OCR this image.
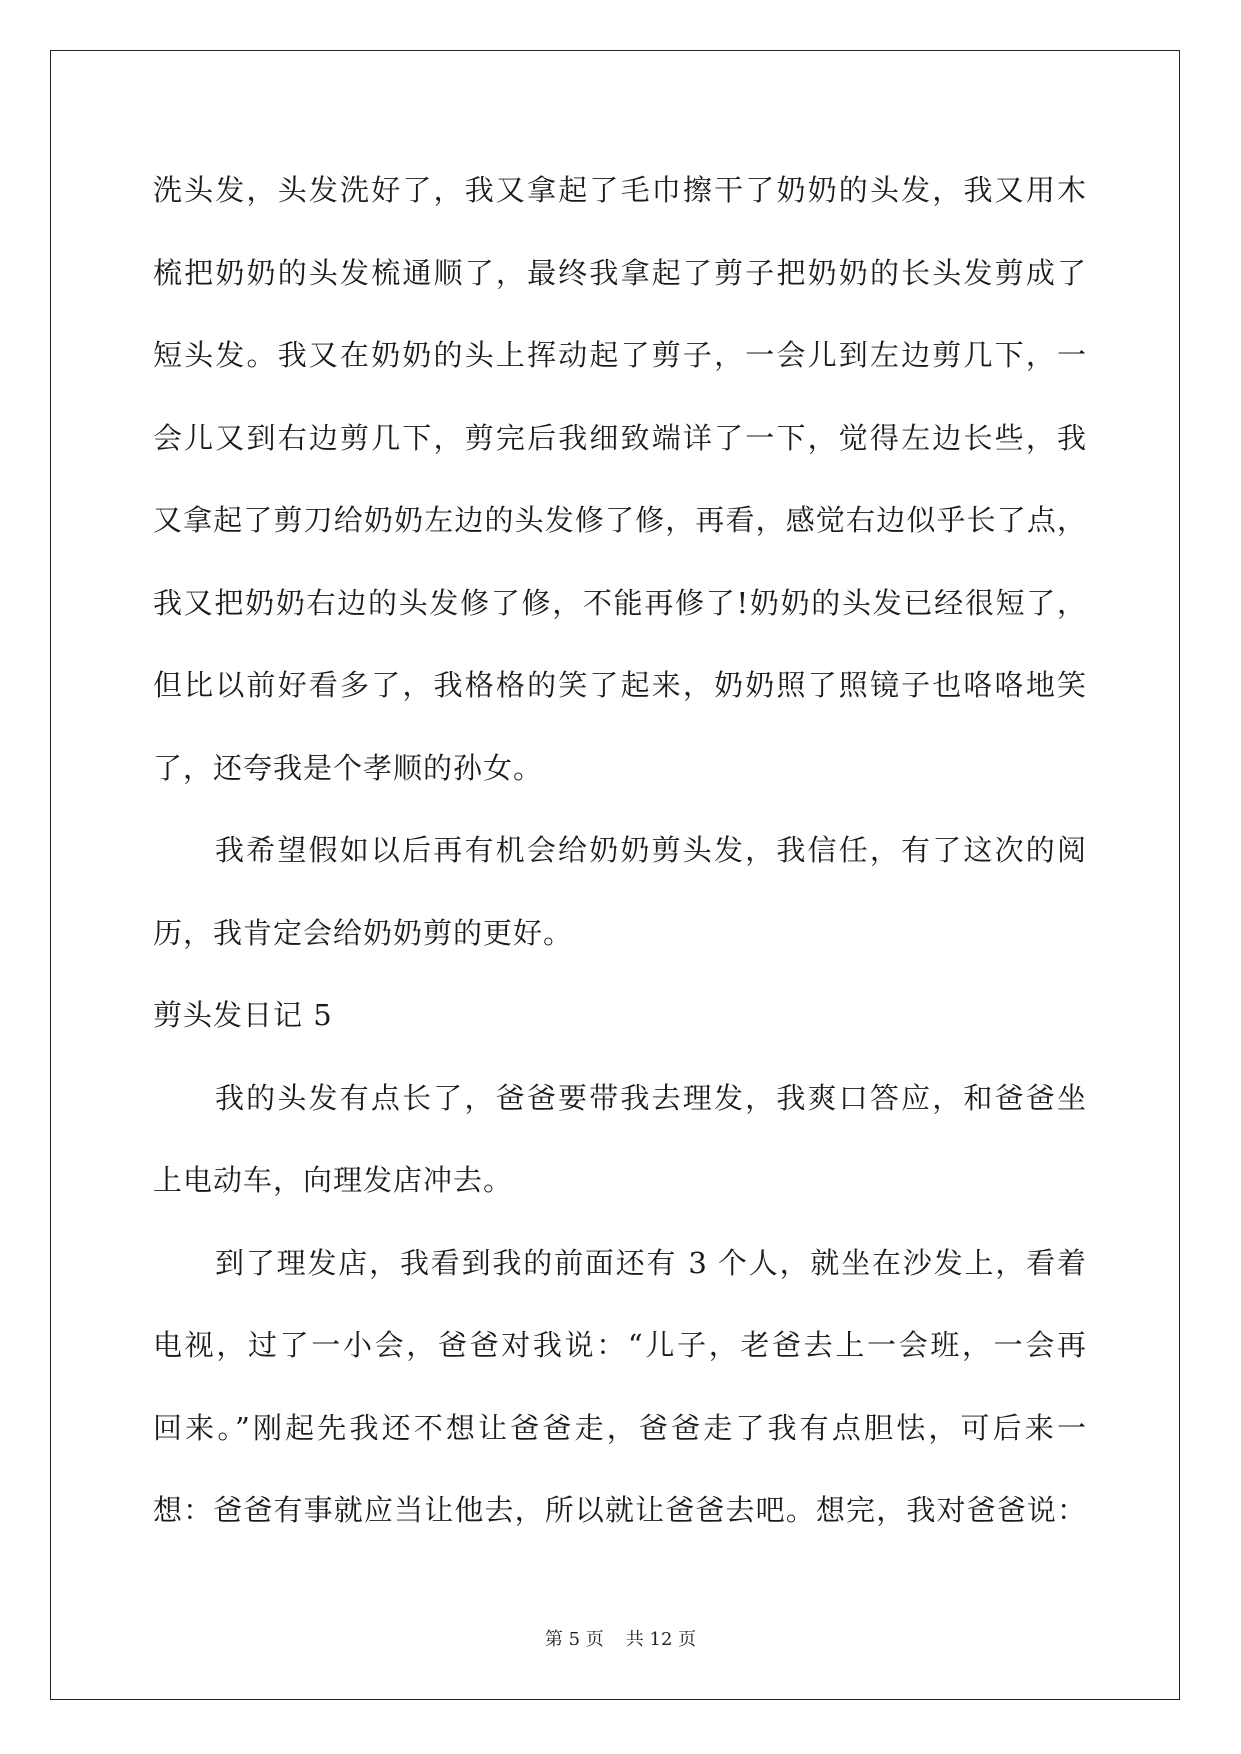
洗头发，头发洗好了，我又拿起了毛巾擦干了奶奶的头发，我又用木
梳把奶奶的头发梳通顺了，最终我拿起了剪子把奶奶的长头发剪成了
短头发。我又在奶奶的头上挥动起了剪子，一会儿到左边剪几下，一
会儿又到右边剪几下，剪完后我细致端详了一下，觉得左边长些，我
又拿起了剪刀给奶奶左边的头发修了修，再看，感觉右边似乎长了点，
我又把奶奶右边的头发修了修，不能再修了!奶奶的头发已经很短了，
但比以前好看多了，我格格的笑了起来，奶奶照了照镜子也咯咯地笑
了，还夸我是个孝顺的孙女。
我希望假如以后再有机会给奶奶剪头发，我信任，有了这次的阅
历，我肯定会给奶奶剪的更好。
剪头发日记 5
我的头发有点长了，爸爸要带我去理发，我爽口答应，和爸爸坐
上电动车，向理发店冲去。
到了理发店，我看到我的前面还有 3 个人，就坐在沙发上，看着
电视，过了一小会，爸爸对我说：“儿子，老爸去上一会班，一会再
回来。”刚起先我还不想让爸爸走，爸爸走了我有点胆怯，可后来一
想：爸爸有事就应当让他去，所以就让爸爸去吧。想完，我对爸爸说：
第 5 页 共 12 页
